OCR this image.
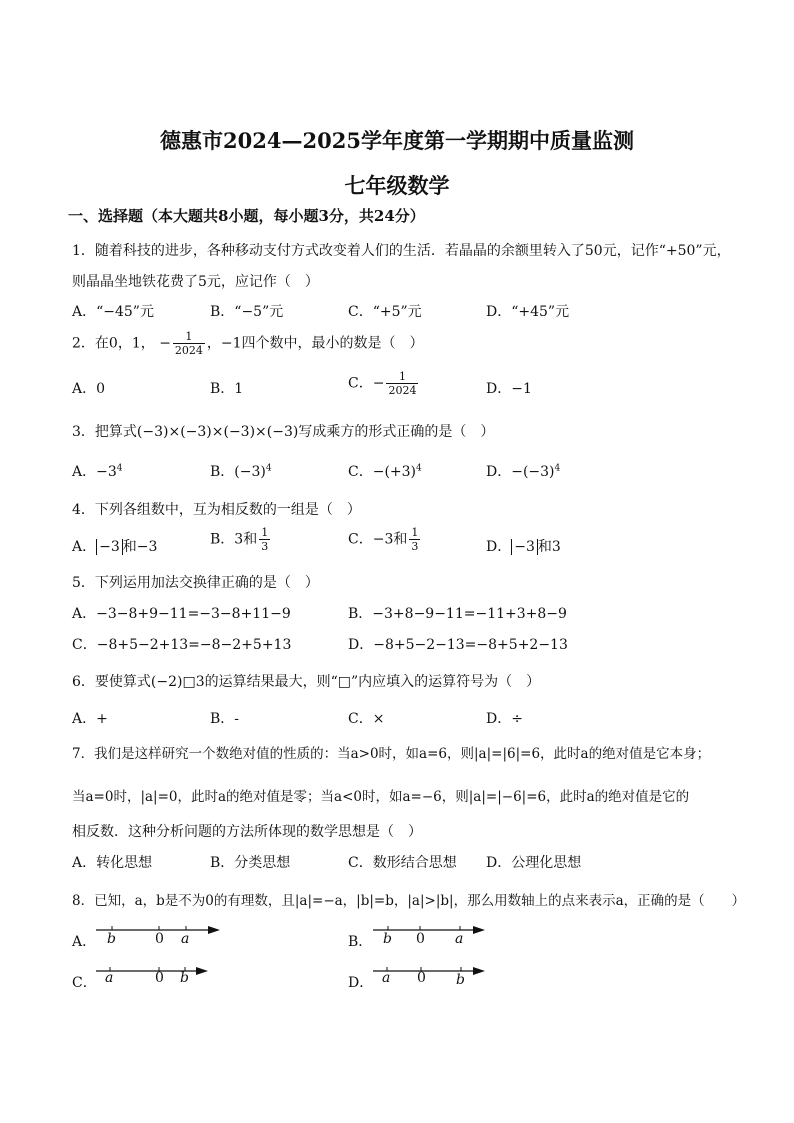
德惠市2024—2025学年度第一学期期中质量监测
七年级数学
一、选择题（本大题共8小题，每小题3分，共24分）
1．随着科技的进步，各种移动支付方式改变着人们的生活．若晶晶的余额里转入了50元，记作“+50”元，
则晶晶坐地铁花费了5元，应记作（　）
A．“−45”元	B．“−5”元	C．“+5”元	D．“+45”元
2．在0，1， − $\frac{1}{2024}$ ，−1四个数中，最小的数是（　）
A．0	B．1	C．− $\frac{1}{2024}$	D．−1
3．把算式(−3)×(−3)×(−3)×(−3)写成乘方的形式正确的是（　）
A．$-3^4$	B．$(-3)^4$	C．$-(+3)^4$	D．$-(-3)^4$
4．下列各组数中，互为相反数的一组是（　）
A． −3 和−3	B．3和 $\frac{1}{3}$	C．−3和 $\frac{1}{3}$	D． −3 和3
5．下列运用加法交换律正确的是（　）
A．−3−8+9−11=−3−8+11−9	B．−3+8−9−11=−11+3+8−9
C．−8+5−2+13=−8−2+5+13	D．−8+5−2−13=−8+5+2−13
6．要使算式(−2)□3的运算结果最大，则“□”内应填入的运算符号为（　）
A．+	B．-	C．×	D．÷
7．我们是这样研究一个数绝对值的性质的：当a>0时，如a=6，则|a|=|6|=6，此时a的绝对值是它本身；
当a=0时，|a|=0，此时a的绝对值是零；当a<0时，如a=−6，则|a|=|−6|=6，此时a的绝对值是它的
相反数．这种分析问题的方法所体现的数学思想是（　）
A．转化思想	B．分类思想	C．数形结合思想 D．公理化思想
8．已知，a，b是不为0的有理数，且|a|=−a，|b|=b，|a|>|b|，那么用数轴上的点来表示a，正确的是（　　）
A．	B．
C．	D．
b	0 a	b 0 a
a	0 b	a 0 b
